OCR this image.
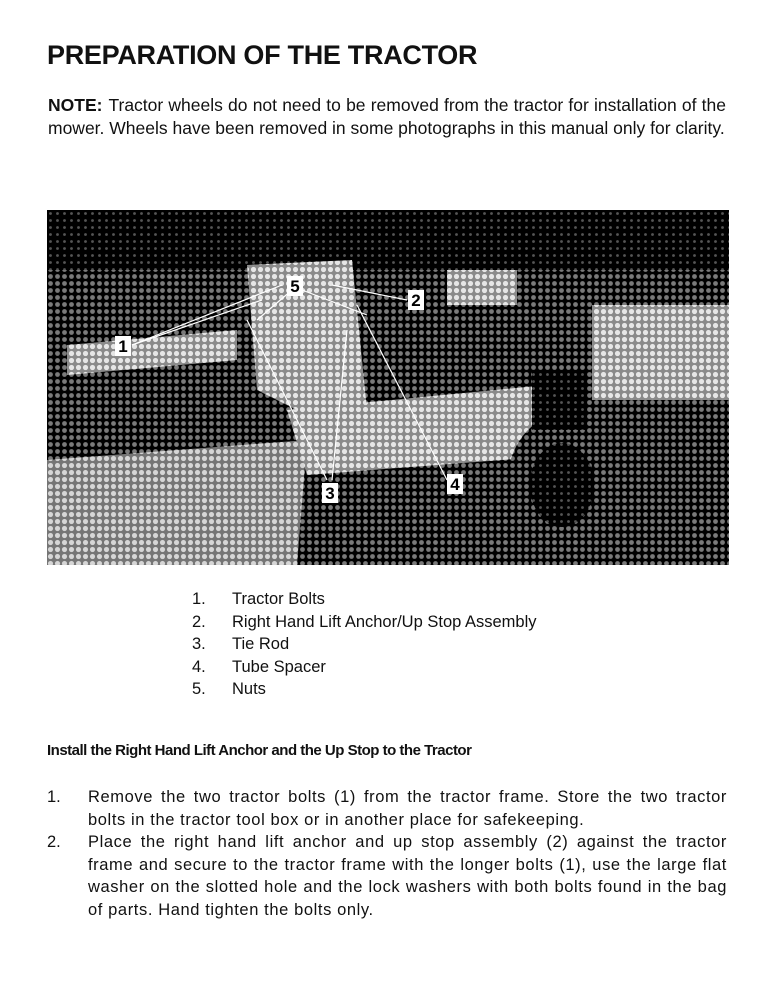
PREPARATION OF THE TRACTOR

NOTE: Tractor wheels do not need to be removed from the tractor for installation of the mower. Wheels have been removed in some photographs in this manual only for clarity.

1
2
3	4
5
1.	Tractor Bolts
2.	Right Hand Lift Anchor/Up Stop Assembly
3.	Tie Rod
4.	Tube Spacer
5.	Nuts
Install the Right Hand Lift Anchor and the Up Stop to the Tractor
1.	Remove the two tractor bolts (1) from the tractor frame. Store the two tractor bolts in the tractor tool box or in another place for safekeeping.
2.	Place the right hand lift anchor and up stop assembly (2) against the tractor frame and secure to the tractor frame with the longer bolts (1), use the large flat washer on the slotted hole and the lock washers with both bolts found in the bag of parts. Hand tighten the bolts only.
